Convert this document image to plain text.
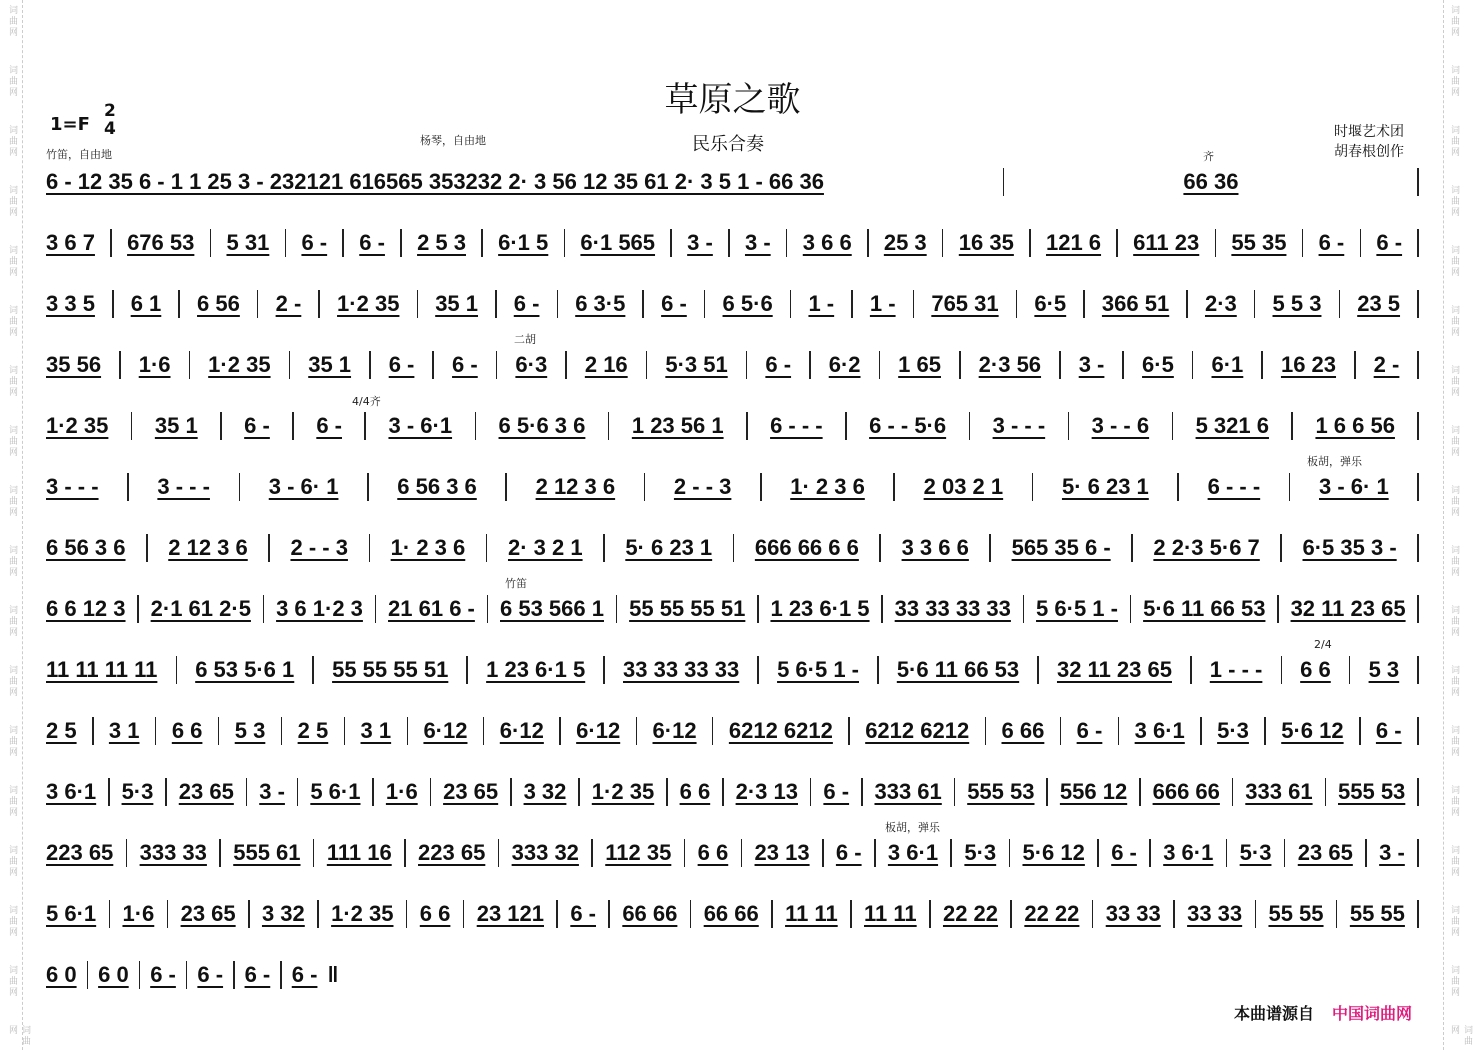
草原之歌
民乐合奏
时堰艺术团
胡春根创作
1=F
2
4
竹笛，自由地
杨琴，自由地
齐
二胡
4/4齐
板胡，弹乐
竹笛
2/4
板胡，弹乐
6 - 12 35 6 - 1 1 25 3 - 232121 616565 353232 2· 3 56 12 35 61 2· 3 5 1 - 66 36	66 36
3 6 7 676 53 5 31 6 - 6 - 2 5 3 6·1 5 6·1 565 3 - 3 - 3 6 6 25 3 16 35 121 6 611 23 55 35 6 - 6 -
3 3 5 6 1 6 56 2 - 1·2 35 35 1 6 - 6 3·5 6 - 6 5·6 1 - 1 - 765 31 6·5 366 51 2·3 5 5 3 23 5
35 56 1·6 1·2 35 35 1 6 - 6 - 6·3 2 16 5·3 51 6 - 6·2 1 65 2·3 56 3 - 6·5 6·1 16 23 2 -
1·2 35 35 1 6 - 6 - 3 - 6·1 6 5·6 3 6 1 23 56 1 6 - - - 6 - - 5·6 3 - - - 3 - - 6 5 321 6 1 6 6 56
3 - - -	3 - - -	3 - 6· 1	6 56 3 6	2 12 3 6	2 - - 3	1· 2 3 6	2 03 2 1	5· 6 23 1	6 - - -	3 - 6· 1
6 56 3 6 2 12 3 6 2 - - 3 1· 2 3 6 2· 3 2 1 5· 6 23 1 666 66 6 6 3 3 6 6 565 35 6 - 2 2·3 5·6 7 6·5 35 3 -
6 6 12 3 2·1 61 2·5 3 6 1·2 3 21 61 6 - 6 53 566 1 55 55 55 51 1 23 6·1 5 33 33 33 33 5 6·5 1 - 5·6 11 66 53 32 11 23 65
11 11 11 11 6 53 5·6 1 55 55 55 51 1 23 6·1 5 33 33 33 33 5 6·5 1 - 5·6 11 66 53 32 11 23 65 1 - - - 6 6 5 3
2 5 3 1 6 6 5 3 2 5 3 1 6·12 6·12 6·12 6·12 6212 6212 6212 6212 6 66 6 - 3 6·1 5·3 5·6 12 6 -
3 6·1 5·3 23 65 3 - 5 6·1 1·6 23 65 3 32 1·2 35 6 6 2·3 13 6 - 333 61 555 53 556 12 666 66 333 61 555 53
223 65 333 33 555 61 111 16 223 65 333 32 112 35 6 6 23 13 6 - 3 6·1 5·3 5·6 12 6 - 3 6·1 5·3 23 65 3 -
5 6·1 1·6 23 65 3 32 1·2 35 6 6 23 121 6 - 66 66 66 66 11 11 11 11 22 22 22 22 33 33 33 33 55 55 55 55
6 0 6 0 6 - 6 - 6 - 6 - ‖
本曲谱源自 中国词曲网
词曲网
词曲网
词曲网
词曲网
词曲网
词曲网
词曲网
词曲网
词曲网
词曲网
词曲网
词曲网
词曲网
词曲网
词曲网
词曲网
词曲网
词曲网
词曲网
词曲网
词曲网
词曲网
词曲网
词曲网
词曲网
词曲网
词曲网
词曲网
词曲网
词曲网
词曲网
词曲网
词曲网
词曲网
词曲网
词曲网
